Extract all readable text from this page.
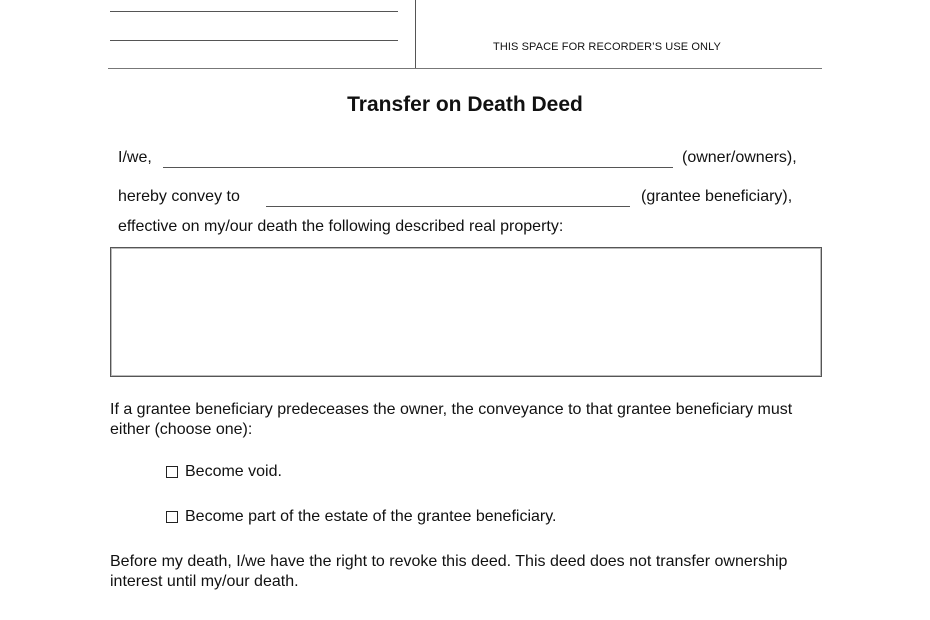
THIS SPACE FOR RECORDER’S USE ONLY
Transfer on Death Deed
I/we,	(owner/owners),
hereby convey to	(grantee beneficiary),
effective on my/our death the following described real property:
If a grantee beneficiary predeceases the owner, the conveyance to that grantee beneficiary must either (choose one):
Become void.
Become part of the estate of the grantee beneficiary.
Before my death, I/we have the right to revoke this deed. This deed does not transfer ownership interest until my/our death.
